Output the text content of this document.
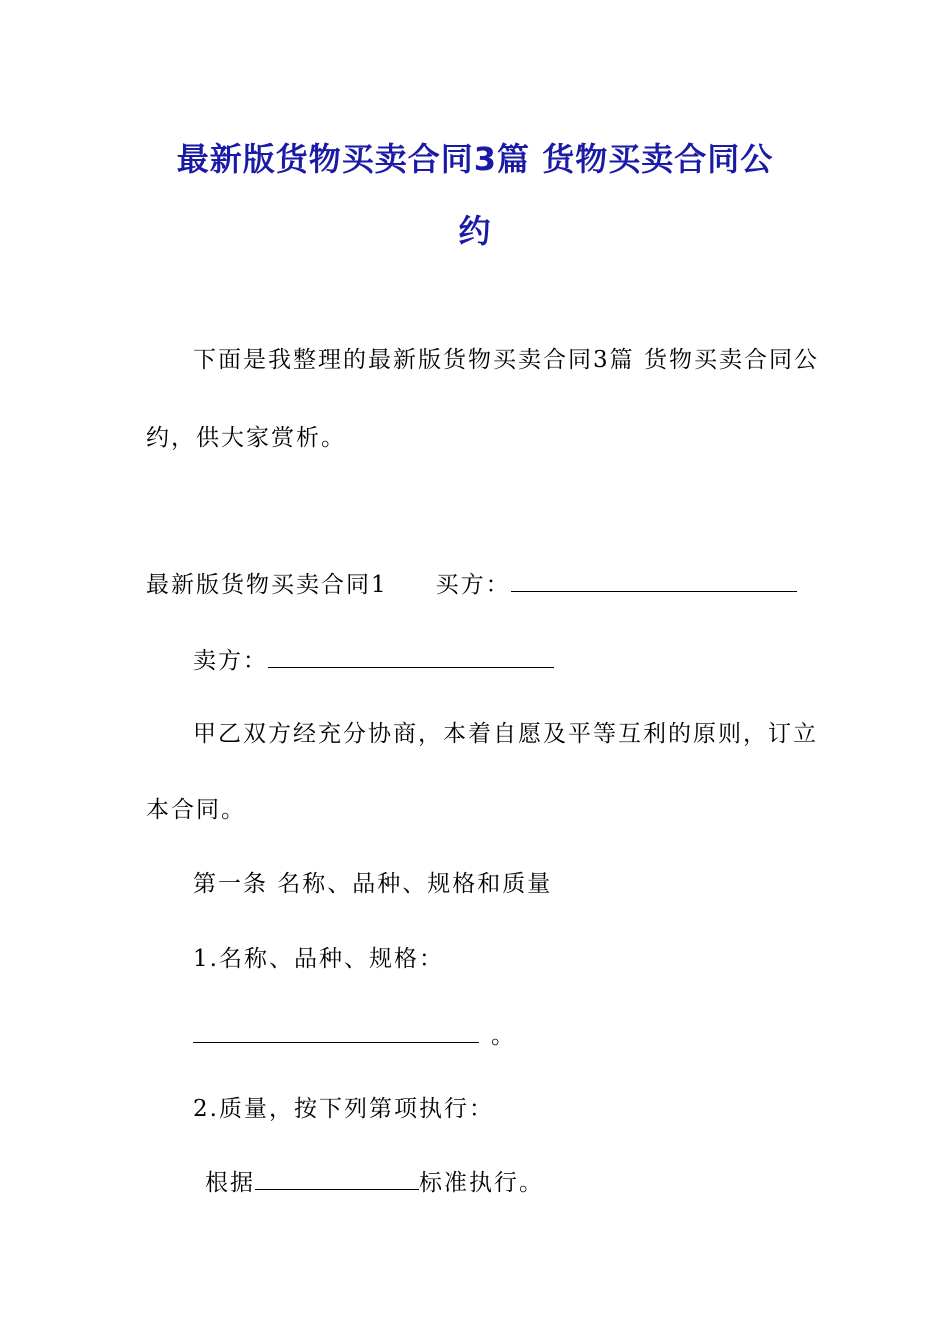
最新版货物买卖合同3篇 货物买卖合同公
约
下面是我整理的最新版货物买卖合同3篇 货物买卖合同公
约，供大家赏析。
最新版货物买卖合同1 买方：
卖方：
甲乙双方经充分协商，本着自愿及平等互利的原则，订立
本合同。
第一条 名称、品种、规格和质量
1.名称、品种、规格：
。
2.质量，按下列第项执行：
根据	标准执行。
